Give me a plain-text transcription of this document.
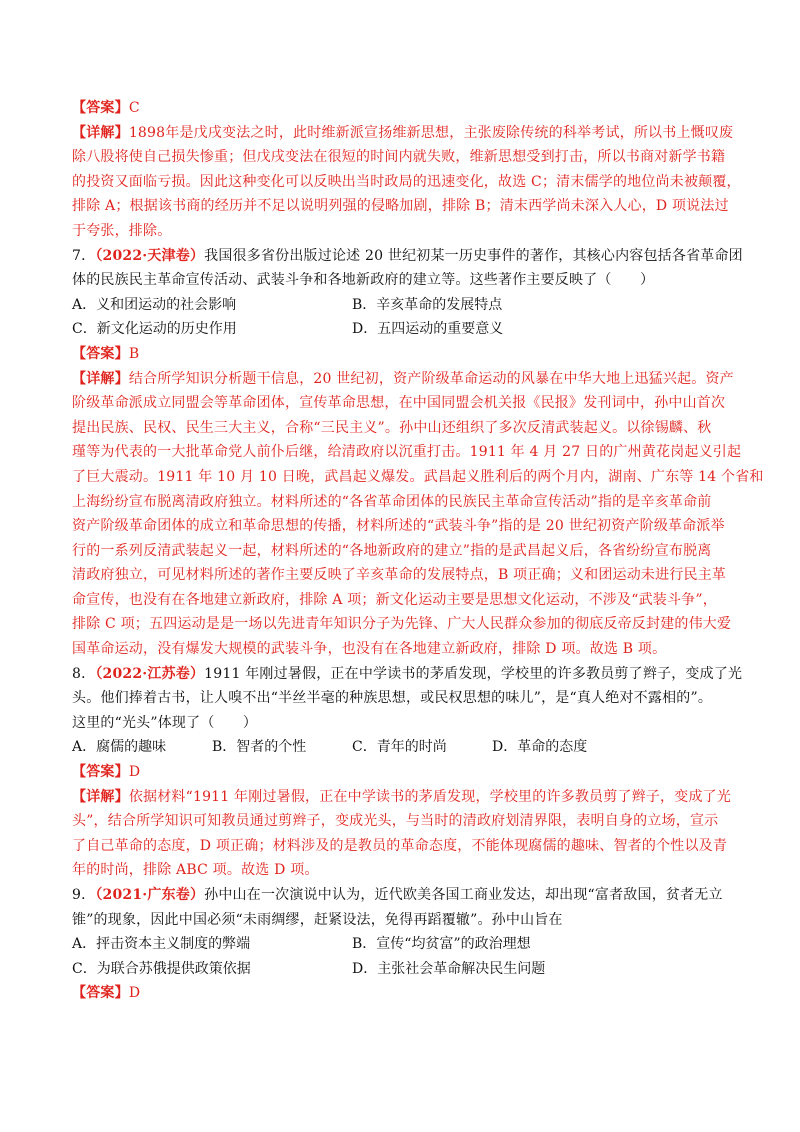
【答案】C
【详解】1898年是戊戌变法之时，此时维新派宣扬维新思想，主张废除传统的科举考试，所以书上慨叹废
除八股将使自己损失惨重；但戊戌变法在很短的时间内就失败，维新思想受到打击，所以书商对新学书籍
的投资又面临亏损。因此这种变化可以反映出当时政局的迅速变化，故选 C；清末儒学的地位尚未被颠覆，
排除 A；根据该书商的经历并不足以说明列强的侵略加剧，排除 B；清末西学尚未深入人心，D 项说法过
于夸张，排除。
7．（2022·天津卷）我国很多省份出版过论述 20 世纪初某一历史事件的著作，其核心内容包括各省革命团
体的民族民主革命宣传活动、武装斗争和各地新政府的建立等。这些著作主要反映了（　　）
A．义和团运动的社会影响	B．辛亥革命的发展特点
C．新文化运动的历史作用	D．五四运动的重要意义
【答案】B
【详解】结合所学知识分析题干信息，20 世纪初，资产阶级革命运动的风暴在中华大地上迅猛兴起。资产
阶级革命派成立同盟会等革命团体，宣传革命思想，在中国同盟会机关报《民报》发刊词中，孙中山首次
提出民族、民权、民生三大主义，合称“三民主义”。孙中山还组织了多次反清武装起义。以徐锡麟、秋
瑾等为代表的一大批革命党人前仆后继，给清政府以沉重打击。1911 年 4 月 27 日的广州黄花岗起义引起
了巨大震动。1911 年 10 月 10 日晚，武昌起义爆发。武昌起义胜利后的两个月内，湖南、广东等 14 个省和
上海纷纷宣布脱离清政府独立。材料所述的“各省革命团体的民族民主革命宣传活动”指的是辛亥革命前
资产阶级革命团体的成立和革命思想的传播，材料所述的“武装斗争”指的是 20 世纪初资产阶级革命派举
行的一系列反清武装起义一起，材料所述的“各地新政府的建立”指的是武昌起义后，各省纷纷宣布脱离
清政府独立，可见材料所述的著作主要反映了辛亥革命的发展特点，B 项正确；义和团运动未进行民主革
命宣传，也没有在各地建立新政府，排除 A 项；新文化运动主要是思想文化运动，不涉及“武装斗争”，
排除 C 项；五四运动是是一场以先进青年知识分子为先锋、广大人民群众参加的彻底反帝反封建的伟大爱
国革命运动，没有爆发大规模的武装斗争，也没有在各地建立新政府，排除 D 项。故选 B 项。
8．（2022·江苏卷）1911 年刚过暑假，正在中学读书的茅盾发现，学校里的许多教员剪了辫子，变成了光
头。他们捧着古书，让人嗅不出“半丝半毫的种族思想，或民权思想的味儿”，是“真人绝对不露相的”。
这里的“光头”体现了（　　）
A．腐儒的趣味	B．智者的个性	C．青年的时尚	D．革命的态度
【答案】D
【详解】依据材料“1911 年刚过暑假，正在中学读书的茅盾发现，学校里的许多教员剪了辫子，变成了光
头”，结合所学知识可知教员通过剪辫子，变成光头，与当时的清政府划清界限，表明自身的立场，宣示
了自己革命的态度，D 项正确；材料涉及的是教员的革命态度，不能体现腐儒的趣味、智者的个性以及青
年的时尚，排除 ABC 项。故选 D 项。
9．（2021·广东卷）孙中山在一次演说中认为，近代欧美各国工商业发达，却出现“富者敌国，贫者无立
锥”的现象，因此中国必须“未雨绸缪，赶紧设法，免得再蹈覆辙”。孙中山旨在
A．抨击资本主义制度的弊端	B．宣传“均贫富”的政治理想
C．为联合苏俄提供政策依据	D．主张社会革命解决民生问题
【答案】D
